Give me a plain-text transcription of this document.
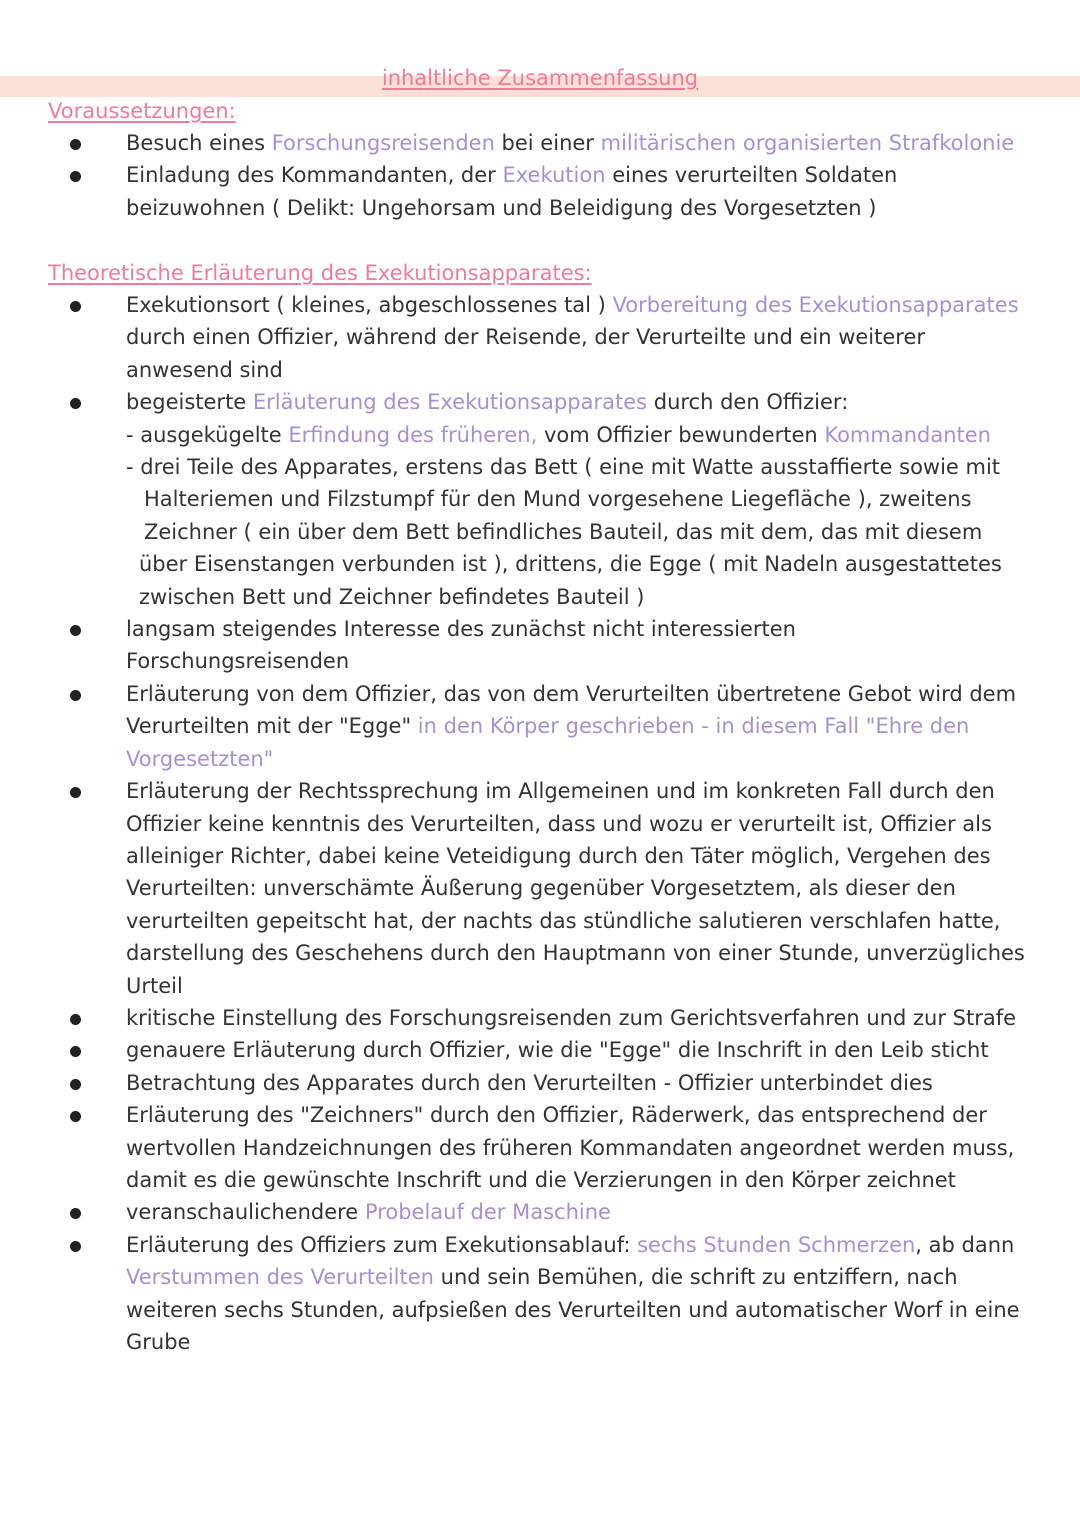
inhaltliche Zusammenfassung
Voraussetzungen:
Besuch eines Forschungsreisenden bei einer militärischen organisierten Strafkolonie
Einladung des Kommandanten, der Exekution eines verurteilten Soldaten
beizuwohnen ( Delikt: Ungehorsam und Beleidigung des Vorgesetzten )
Theoretische Erläuterung des Exekutionsapparates:
Exekutionsort ( kleines, abgeschlossenes tal ) Vorbereitung des Exekutionsapparates
durch einen Offizier, während der Reisende, der Verurteilte und ein weiterer
anwesend sind
begeisterte Erläuterung des Exekutionsapparates durch den Offizier:
- ausgekügelte Erfindung des früheren, vom Offizier bewunderten Kommandanten
- drei Teile des Apparates, erstens das Bett ( eine mit Watte ausstaffierte sowie mit
Halteriemen und Filzstumpf für den Mund vorgesehene Liegefläche ), zweitens
Zeichner ( ein über dem Bett befindliches Bauteil, das mit dem, das mit diesem
über Eisenstangen verbunden ist ), drittens, die Egge ( mit Nadeln ausgestattetes
zwischen Bett und Zeichner befindetes Bauteil )
langsam steigendes Interesse des zunächst nicht interessierten
Forschungsreisenden
Erläuterung von dem Offizier, das von dem Verurteilten übertretene Gebot wird dem
Verurteilten mit der "Egge" in den Körper geschrieben - in diesem Fall "Ehre den
Vorgesetzten"
Erläuterung der Rechtssprechung im Allgemeinen und im konkreten Fall durch den
Offizier keine kenntnis des Verurteilten, dass und wozu er verurteilt ist, Offizier als
alleiniger Richter, dabei keine Veteidigung durch den Täter möglich, Vergehen des
Verurteilten: unverschämte Äußerung gegenüber Vorgesetztem, als dieser den
verurteilten gepeitscht hat, der nachts das stündliche salutieren verschlafen hatte,
darstellung des Geschehens durch den Hauptmann von einer Stunde, unverzügliches
Urteil
kritische Einstellung des Forschungsreisenden zum Gerichtsverfahren und zur Strafe
genauere Erläuterung durch Offizier, wie die "Egge" die Inschrift in den Leib sticht
Betrachtung des Apparates durch den Verurteilten - Offizier unterbindet dies
Erläuterung des "Zeichners" durch den Offizier, Räderwerk, das entsprechend der
wertvollen Handzeichnungen des früheren Kommandaten angeordnet werden muss,
damit es die gewünschte Inschrift und die Verzierungen in den Körper zeichnet
veranschaulichendere Probelauf der Maschine
Erläuterung des Offiziers zum Exekutionsablauf: sechs Stunden Schmerzen, ab dann
Verstummen des Verurteilten und sein Bemühen, die schrift zu entziffern, nach
weiteren sechs Stunden, aufpsießen des Verurteilten und automatischer Worf in eine
Grube
